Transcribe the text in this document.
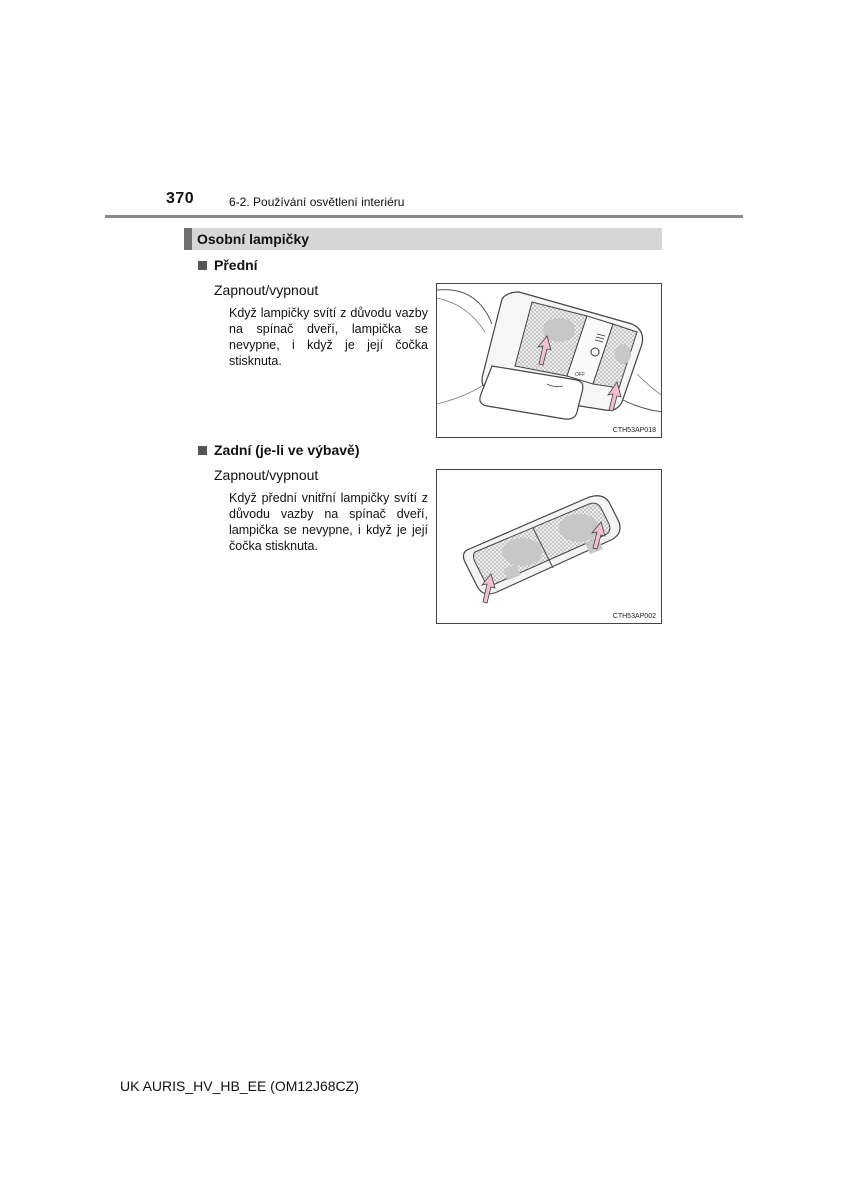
370	6-2. Používání osvětlení interiéru
Osobní lampičky
Přední
Zapnout/vypnout
Když lampičky svítí z důvodu vazby na spínač dveří, lampička se nevypne, i když je její čočka stisknuta.
OFF
CTH53AP018
Zadní (je-li ve výbavě)
Zapnout/vypnout
Když přední vnitřní lampičky svítí z důvodu vazby na spínač dveří, lampička se nevypne, i když je její čočka stisknuta.
CTH53AP002
UK AURIS_HV_HB_EE (OM12J68CZ)
